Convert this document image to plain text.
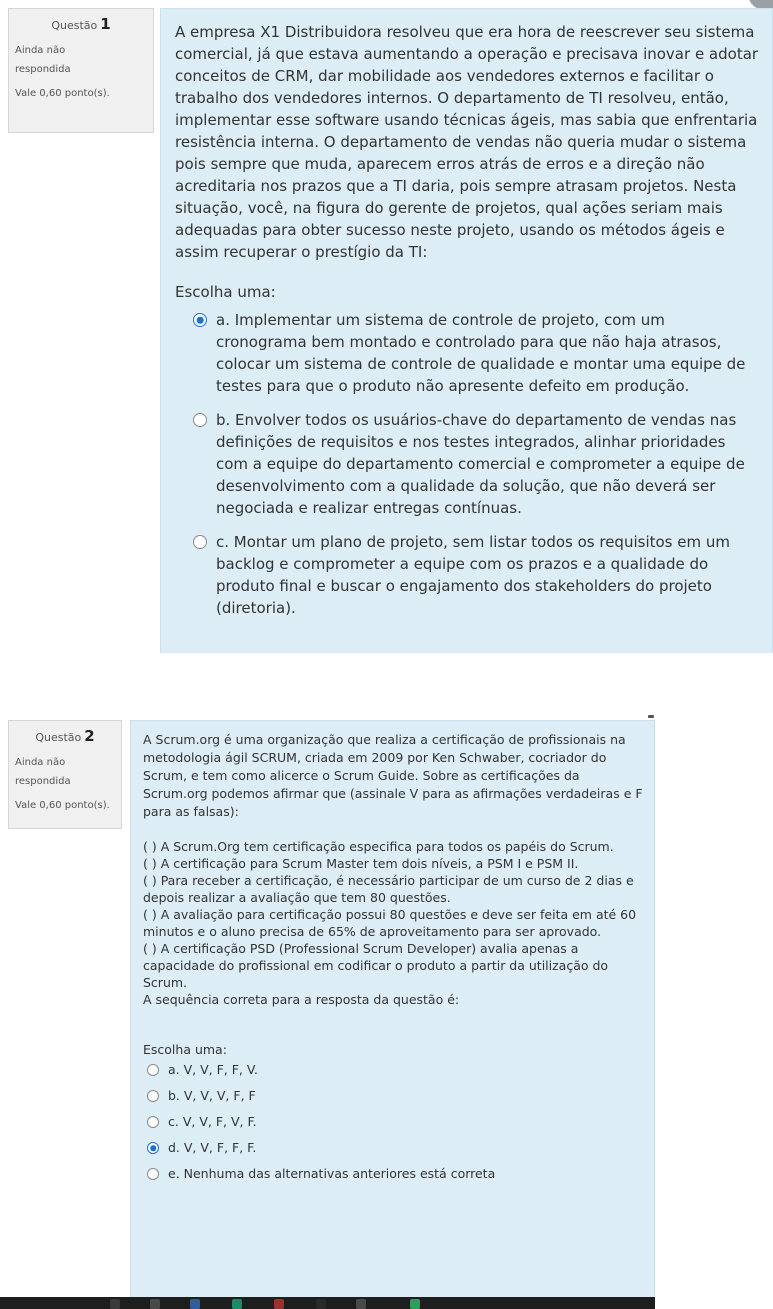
Questão 1
Ainda não respondida
Vale 0,60 ponto(s).
A empresa X1 Distribuidora resolveu que era hora de reescrever seu sistema comercial, já que estava aumentando a operação e precisava inovar e adotar conceitos de CRM, dar mobilidade aos vendedores externos e facilitar o trabalho dos vendedores internos. O departamento de TI resolveu, então, implementar esse software usando técnicas ágeis, mas sabia que enfrentaria resistência interna. O departamento de vendas não queria mudar o sistema pois sempre que muda, aparecem erros atrás de erros e a direção não acreditaria nos prazos que a TI daria, pois sempre atrasam projetos. Nesta situação, você, na figura do gerente de projetos, qual ações seriam mais adequadas para obter sucesso neste projeto, usando os métodos ágeis e assim recuperar o prestígio da TI:
Escolha uma:
a. Implementar um sistema de controle de projeto, com um cronograma bem montado e controlado para que não haja atrasos, colocar um sistema de controle de qualidade e montar uma equipe de testes para que o produto não apresente defeito em produção.
b. Envolver todos os usuários-chave do departamento de vendas nas definições de requisitos e nos testes integrados, alinhar prioridades com a equipe do departamento comercial e comprometer a equipe de desenvolvimento com a qualidade da solução, que não deverá ser negociada e realizar entregas contínuas.
c. Montar um plano de projeto, sem listar todos os requisitos em um backlog e comprometer a equipe com os prazos e a qualidade do produto final e buscar o engajamento dos stakeholders do projeto (diretoria).
Questão 2
Ainda não respondida
Vale 0,60 ponto(s).
A Scrum.org é uma organização que realiza a certificação de profissionais na metodologia ágil SCRUM, criada em 2009 por Ken Schwaber, cocriador do Scrum, e tem como alicerce o Scrum Guide. Sobre as certificações da Scrum.org podemos afirmar que (assinale V para as afirmações verdadeiras e F para as falsas):
( ) A Scrum.Org tem certificação especifica para todos os papéis do Scrum.
( ) A certificação para Scrum Master tem dois níveis, a PSM I e PSM II.
( ) Para receber a certificação, é necessário participar de um curso de 2 dias e depois realizar a avaliação que tem 80 questões.
( ) A avaliação para certificação possui 80 questões e deve ser feita em até 60 minutos e o aluno precisa de 65% de aproveitamento para ser aprovado.
( ) A certificação PSD (Professional Scrum Developer) avalia apenas a capacidade do profissional em codificar o produto a partir da utilização do Scrum.
A sequência correta para a resposta da questão é:
Escolha uma:
a. V, V, F, F, V.
b. V, V, V, F, F
c. V, V, F, V, F.
d. V, V, F, F, F.
e. Nenhuma das alternativas anteriores está correta
